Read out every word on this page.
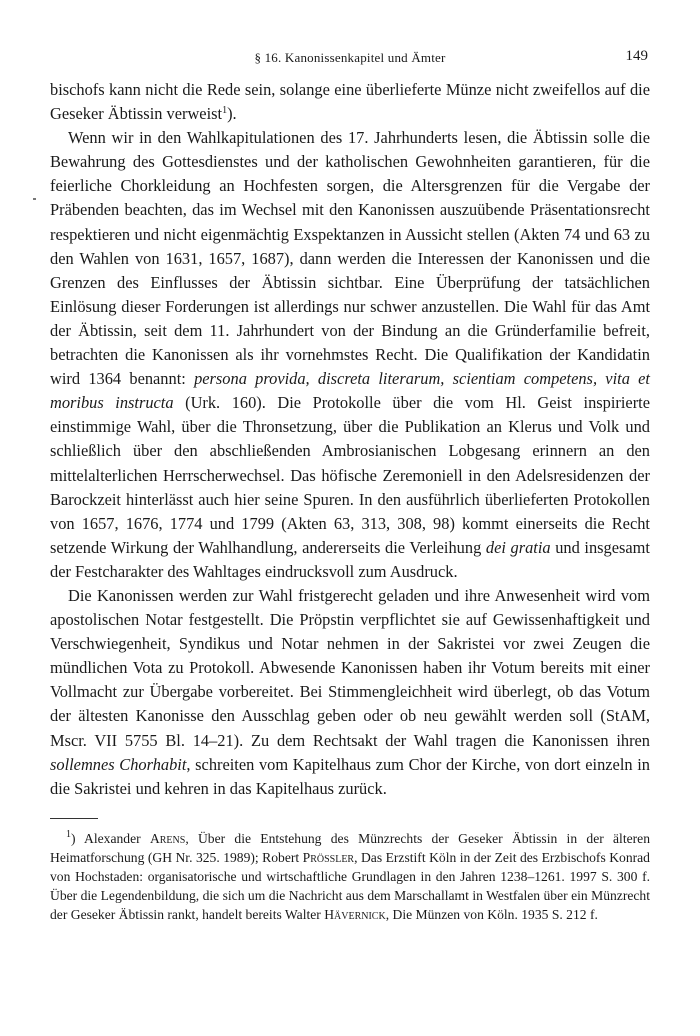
§ 16. Kanonissenkapitel und Ämter	149

bischofs kann nicht die Rede sein, solange eine überlieferte Münze nicht zweifellos auf die Geseker Äbtissin verweist$^1$).

Wenn wir in den Wahlkapitulationen des 17. Jahrhunderts lesen, die Äbtissin solle die Bewahrung des Gottesdienstes und der katholischen Gewohnheiten garantieren, für die feierliche Chorkleidung an Hochfesten sorgen, die Altersgrenzen für die Vergabe der Präbenden beachten, das im Wechsel mit den Kanonissen auszuübende Präsentationsrecht respektieren und nicht eigenmächtig Exspektanzen in Aussicht stellen (Akten 74 und 63 zu den Wahlen von 1631, 1657, 1687), dann werden die Interessen der Kanonissen und die Grenzen des Einflusses der Äbtissin sichtbar. Eine Überprüfung der tatsächlichen Einlösung dieser Forderungen ist allerdings nur schwer anzustellen. Die Wahl für das Amt der Äbtissin, seit dem 11. Jahrhundert von der Bindung an die Gründerfamilie befreit, betrachten die Kanonissen als ihr vornehmstes Recht. Die Qualifikation der Kandidatin wird 1364 benannt: persona provida, discreta literarum, scientiam competens, vita et moribus instructa (Urk. 160). Die Protokolle über die vom Hl. Geist inspirierte einstimmige Wahl, über die Thronsetzung, über die Publikation an Klerus und Volk und schließlich über den abschließenden Ambrosianischen Lobgesang erinnern an den mittelalterlichen Herrscherwechsel. Das höfische Zeremoniell in den Adelsresidenzen der Barockzeit hinterlässt auch hier seine Spuren. In den ausführlich überlieferten Protokollen von 1657, 1676, 1774 und 1799 (Akten 63, 313, 308, 98) kommt einerseits die Recht setzende Wirkung der Wahlhandlung, andererseits die Verleihung dei gratia und insgesamt der Festcharakter des Wahltages eindrucksvoll zum Ausdruck.

Die Kanonissen werden zur Wahl fristgerecht geladen und ihre Anwesenheit wird vom apostolischen Notar festgestellt. Die Pröpstin verpflichtet sie auf Gewissenhaftigkeit und Verschwiegenheit, Syndikus und Notar nehmen in der Sakristei vor zwei Zeugen die mündlichen Vota zu Protokoll. Abwesende Kanonissen haben ihr Votum bereits mit einer Vollmacht zur Übergabe vorbereitet. Bei Stimmengleichheit wird überlegt, ob das Votum der ältesten Kanonisse den Ausschlag geben oder ob neu gewählt werden soll (StAM, Mscr. VII 5755 Bl. 14–21). Zu dem Rechtsakt der Wahl tragen die Kanonissen ihren sollemnes Chorhabit, schreiten vom Kapitelhaus zum Chor der Kirche, von dort einzeln in die Sakristei und kehren in das Kapitelhaus zurück.

$^1$) Alexander Arens, Über die Entstehung des Münzrechts der Geseker Äbtissin in der älteren Heimatforschung (GH Nr. 325. 1989); Robert Prössler, Das Erzstift Köln in der Zeit des Erzbischofs Konrad von Hochstaden: organisatorische und wirtschaftliche Grundlagen in den Jahren 1238–1261. 1997 S. 300 f. Über die Legendenbildung, die sich um die Nachricht aus dem Marschallamt in Westfalen über ein Münzrecht der Geseker Äbtissin rankt, handelt bereits Walter Hävernick, Die Münzen von Köln. 1935 S. 212 f.
